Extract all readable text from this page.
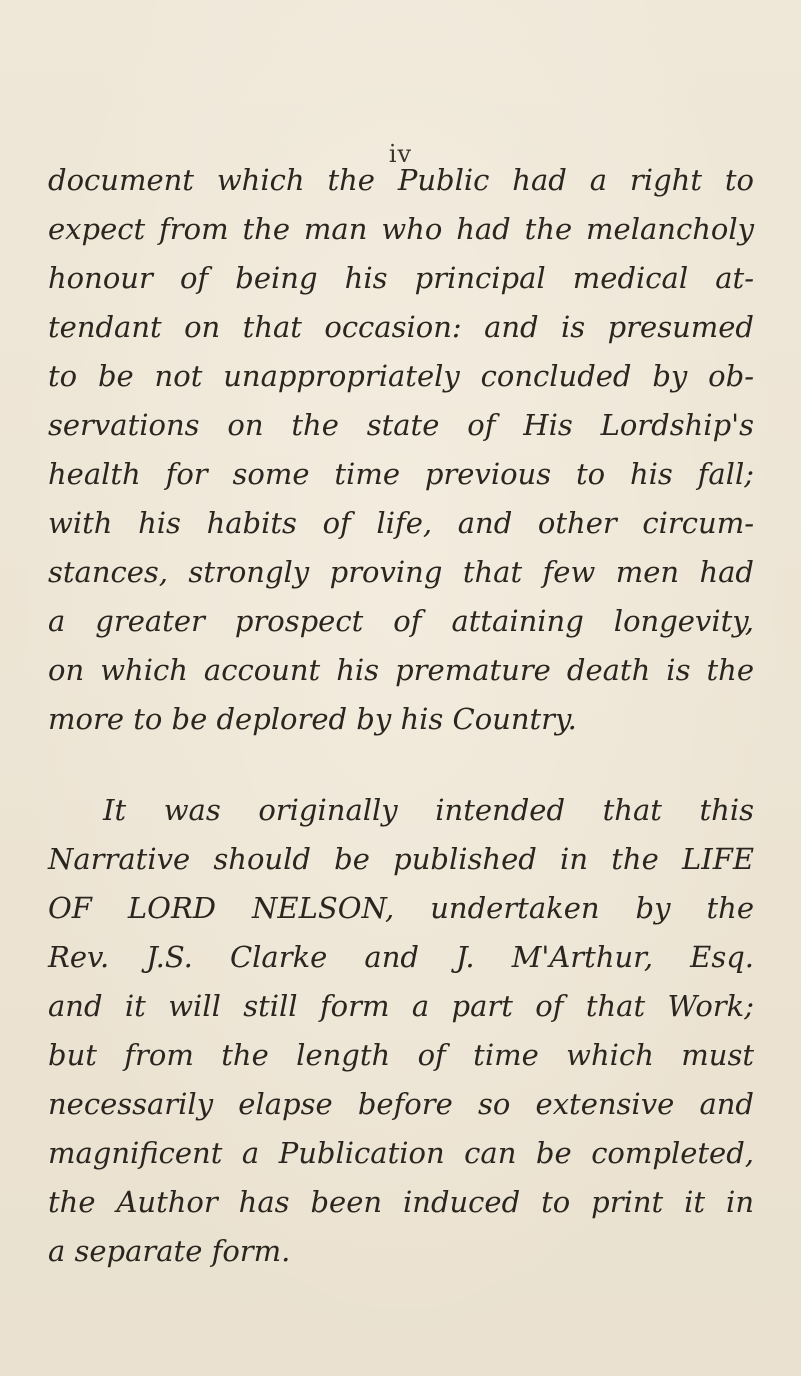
iv

document which the Public had a right to

expect from the man who had the melancholy

honour of being his principal medical at-

tendant on that occasion: and is presumed

to be not unappropriately concluded by ob-

servations on the state of His Lordship's

health for some time previous to his fall;

with his habits of life, and other circum-

stances, strongly proving that few men had

a greater prospect of attaining longevity,

on which account his premature death is the

more to be deplored by his Country.

It was originally intended that this

Narrative should be published in the LIFE

OF LORD NELSON, undertaken by the

Rev. J.S. Clarke and J. M'Arthur, Esq.

and it will still form a part of that Work;

but from the length of time which must

necessarily elapse before so extensive and

magnificent a Publication can be completed,

the Author has been induced to print it in

a separate form.
